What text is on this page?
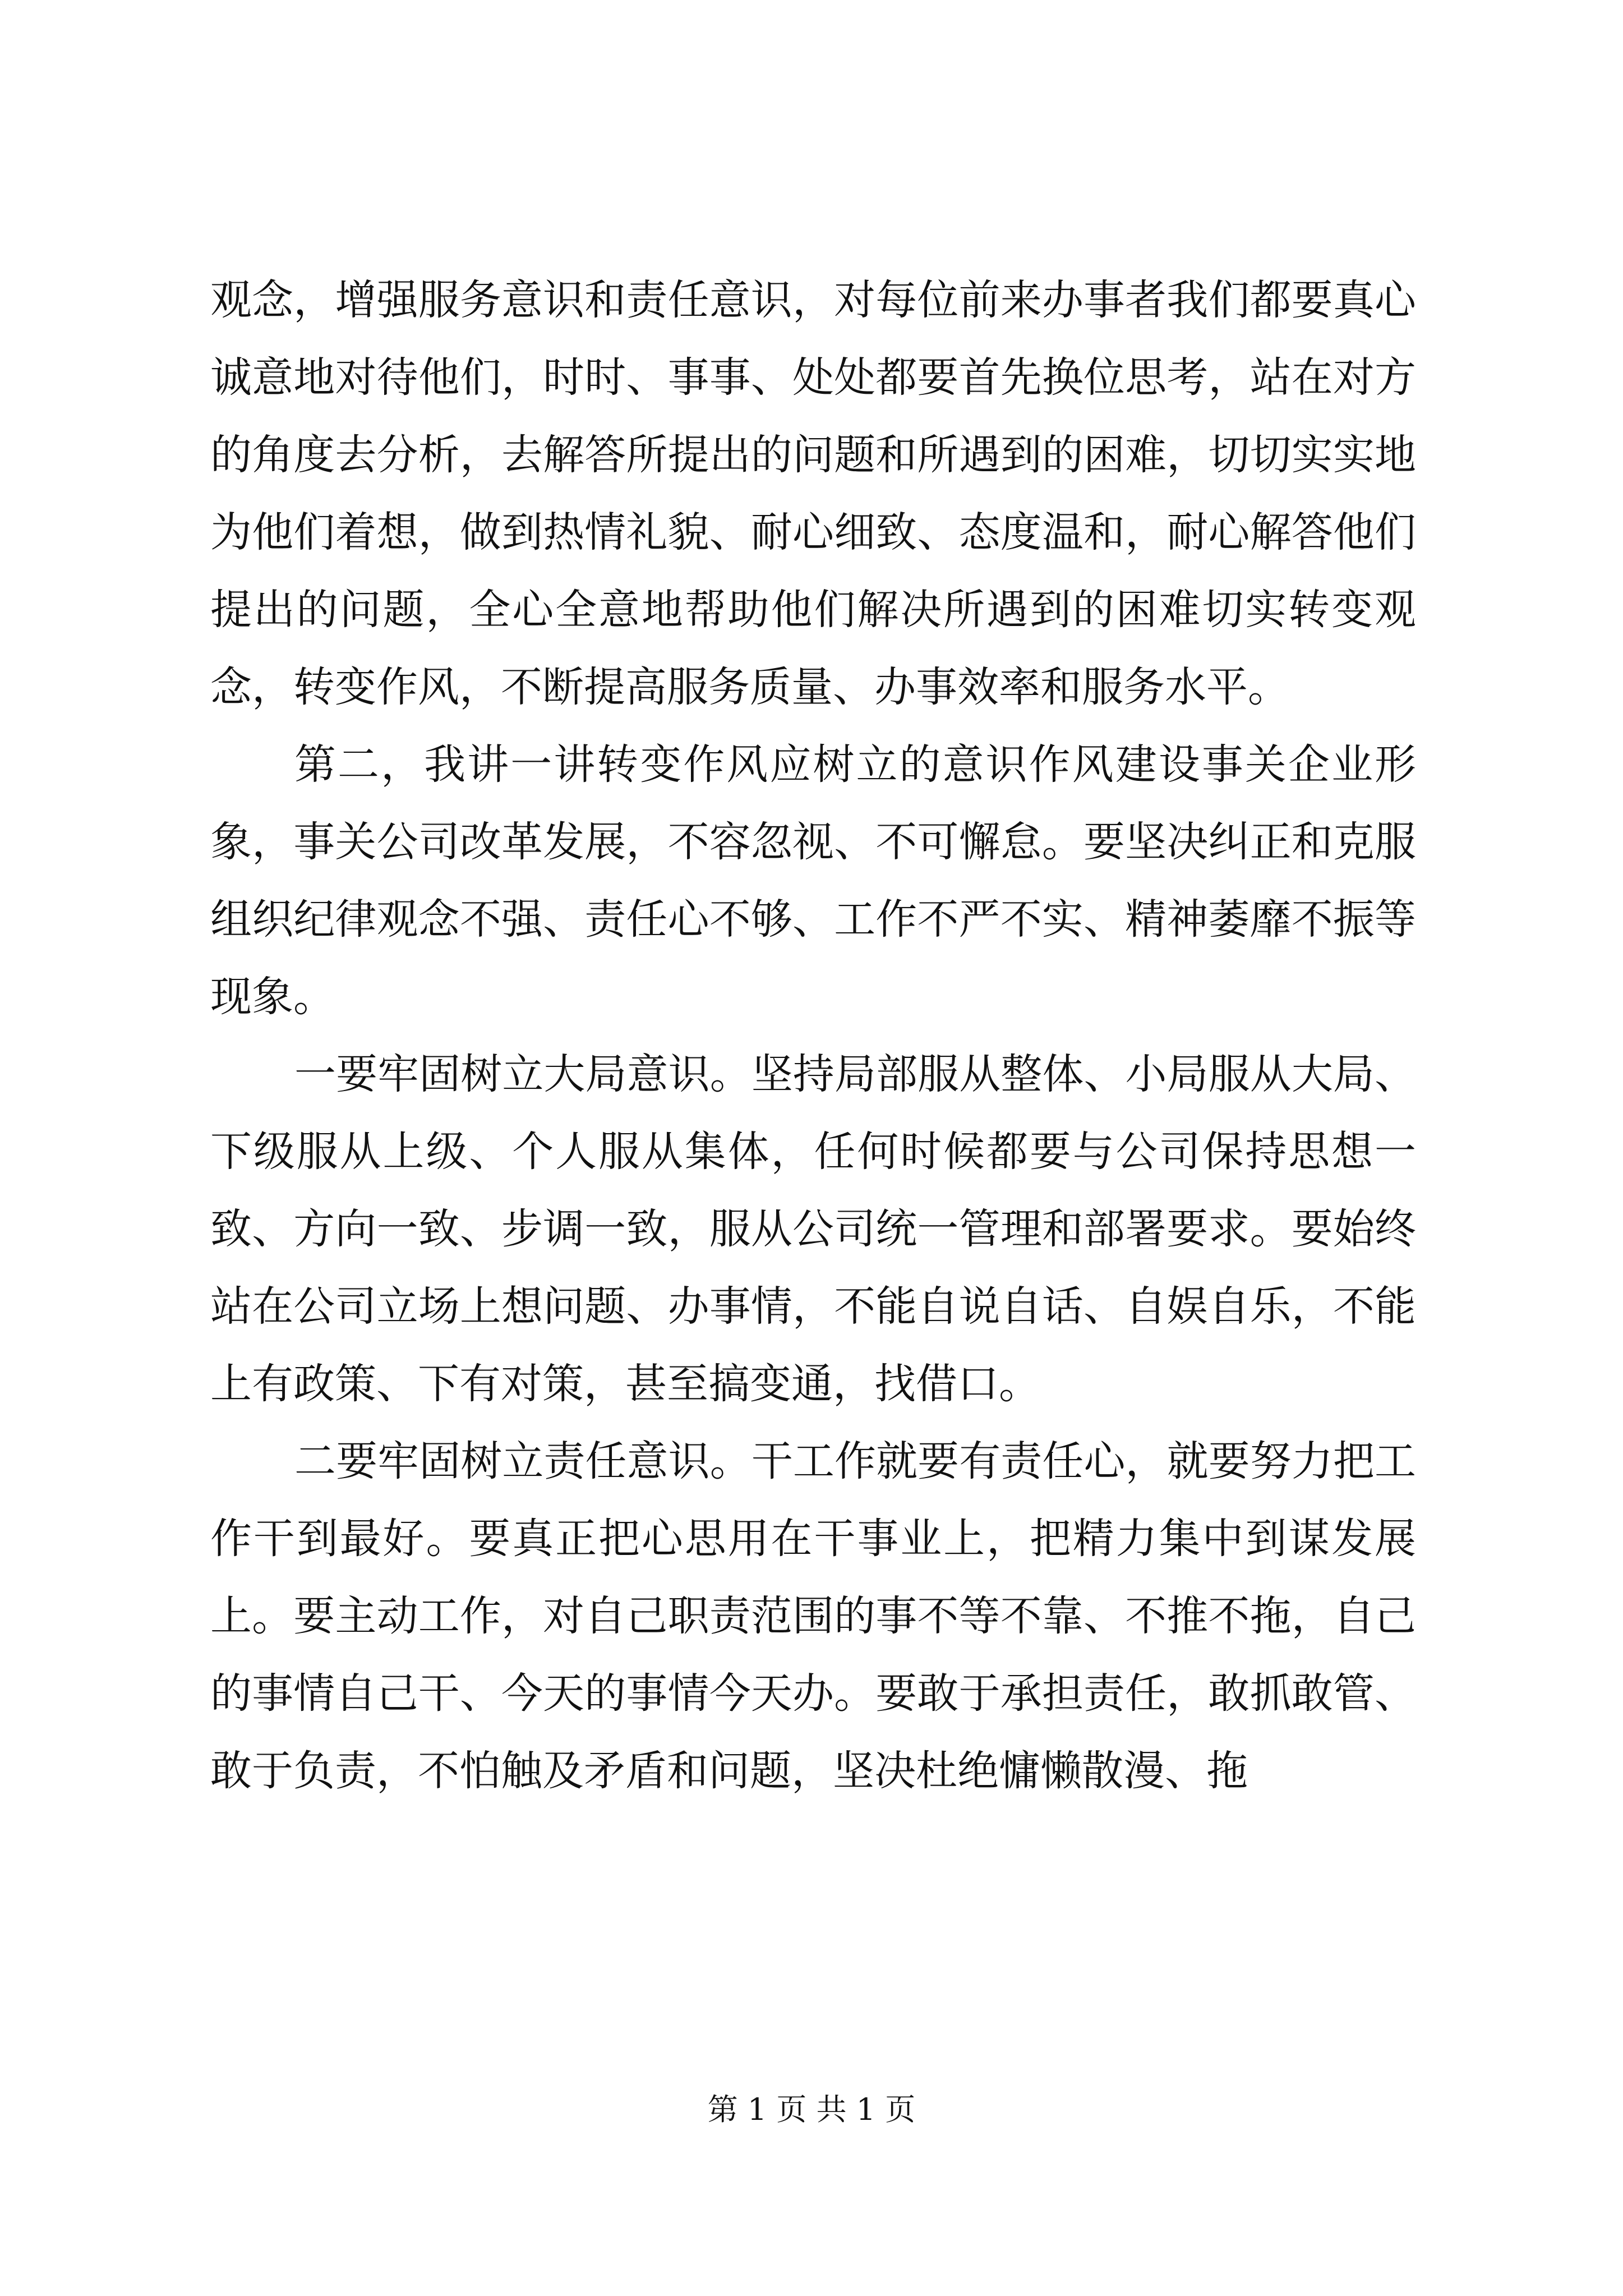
观念，增强服务意识和责任意识，对每位前来办事者我们都要真心诚意地对待他们，时时、事事、处处都要首先换位思考，站在对方的角度去分析，去解答所提出的问题和所遇到的困难，切切实实地为他们着想，做到热情礼貌、耐心细致、态度温和，耐心解答他们提出的问题，全心全意地帮助他们解决所遇到的困难切实转变观念，转变作风，不断提高服务质量、办事效率和服务水平。

第二，我讲一讲转变作风应树立的意识作风建设事关企业形象，事关公司改革发展，不容忽视、不可懈怠。要坚决纠正和克服组织纪律观念不强、责任心不够、工作不严不实、精神萎靡不振等现象。

一要牢固树立大局意识。坚持局部服从整体、小局服从大局、下级服从上级、个人服从集体，任何时候都要与公司保持思想一致、方向一致、步调一致，服从公司统一管理和部署要求。要始终站在公司立场上想问题、办事情，不能自说自话、自娱自乐，不能上有政策、下有对策，甚至搞变通，找借口。

二要牢固树立责任意识。干工作就要有责任心，就要努力把工作干到最好。要真正把心思用在干事业上，把精力集中到谋发展上。要主动工作，对自己职责范围的事不等不靠、不推不拖，自己的事情自己干、今天的事情今天办。要敢于承担责任，敢抓敢管、敢于负责，不怕触及矛盾和问题，坚决杜绝慵懒散漫、拖

第 1 页 共 1 页
